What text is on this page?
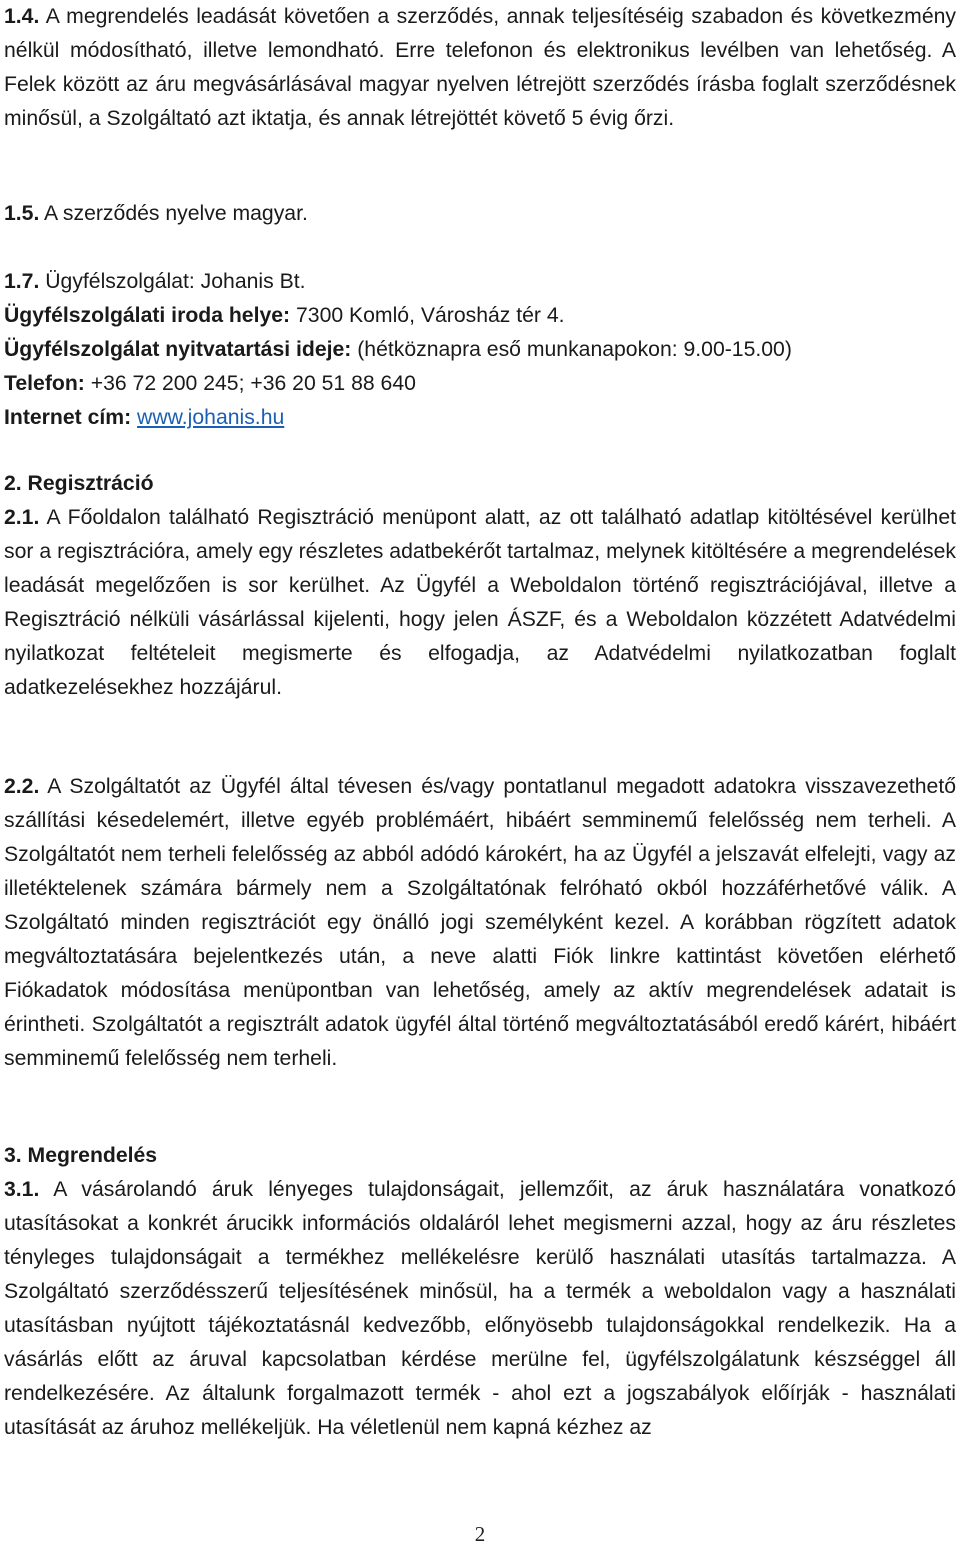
1.4. A megrendelés leadását követően a szerződés, annak teljesítéséig szabadon és következmény nélkül módosítható, illetve lemondható. Erre telefonon és elektronikus levélben van lehetőség. A Felek között az áru megvásárlásával magyar nyelven létrejött szerződés írásba foglalt szerződésnek minősül, a Szolgáltató azt iktatja, és annak létrejöttét követő 5 évig őrzi.

1.5. A szerződés nyelve magyar.

1.7. Ügyfélszolgálat: Johanis Bt.
Ügyfélszolgálati iroda helye: 7300 Komló, Városház tér 4.
Ügyfélszolgálat nyitvatartási ideje: (hétköznapra eső munkanapokon: 9.00-15.00)
Telefon: +36 72 200 245; +36 20 51 88 640
Internet cím: www.johanis.hu

2. Regisztráció

2.1. A Főoldalon található Regisztráció menüpont alatt, az ott található adatlap kitöltésével kerülhet sor a regisztrációra, amely egy részletes adatbekérőt tartalmaz, melynek kitöltésére a megrendelések leadását megelőzően is sor kerülhet. Az Ügyfél a Weboldalon történő regisztrációjával, illetve a Regisztráció nélküli vásárlással kijelenti, hogy jelen ÁSZF, és a Weboldalon közzétett Adatvédelmi nyilatkozat feltételeit megismerte és elfogadja, az Adatvédelmi nyilatkozatban foglalt adatkezelésekhez hozzájárul.

2.2. A Szolgáltatót az Ügyfél által tévesen és/vagy pontatlanul megadott adatokra visszavezethető szállítási késedelemért, illetve egyéb problémáért, hibáért semminemű felelősség nem terheli. A Szolgáltatót nem terheli felelősség az abból adódó károkért, ha az Ügyfél a jelszavát elfelejti, vagy az illetéktelenek számára bármely nem a Szolgáltatónak felróható okból hozzáférhetővé válik. A Szolgáltató minden regisztrációt egy önálló jogi személyként kezel. A korábban rögzített adatok megváltoztatására bejelentkezés után, a neve alatti Fiók linkre kattintást követően elérhető Fiókadatok módosítása menüpontban van lehetőség, amely az aktív megrendelések adatait is érintheti. Szolgáltatót a regisztrált adatok ügyfél által történő megváltoztatásából eredő kárért, hibáért semminemű felelősség nem terheli.

3. Megrendelés

3.1. A vásárolandó áruk lényeges tulajdonságait, jellemzőit, az áruk használatára vonatkozó utasításokat a konkrét árucikk információs oldaláról lehet megismerni azzal, hogy az áru részletes tényleges tulajdonságait a termékhez mellékelésre kerülő használati utasítás tartalmazza. A Szolgáltató szerződésszerű teljesítésének minősül, ha a termék a weboldalon vagy a használati utasításban nyújtott tájékoztatásnál kedvezőbb, előnyösebb tulajdonságokkal rendelkezik. Ha a vásárlás előtt az áruval kapcsolatban kérdése merülne fel, ügyfélszolgálatunk készséggel áll rendelkezésére. Az általunk forgalmazott termék - ahol ezt a jogszabályok előírják - használati utasítását az áruhoz mellékeljük. Ha véletlenül nem kapná kézhez az

2
